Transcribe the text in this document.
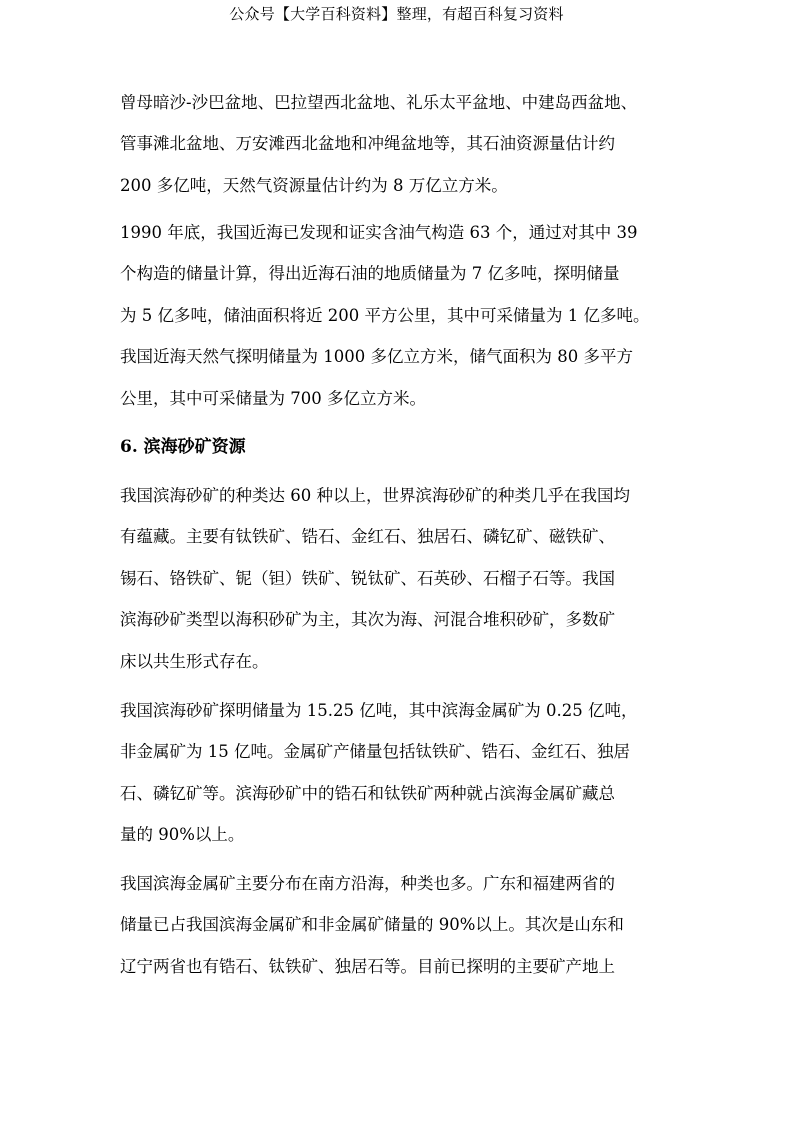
公众号【大学百科资料】整理，有超百科复习资料
曾母暗沙-沙巴盆地、巴拉望西北盆地、礼乐太平盆地、中建岛西盆地、
管事滩北盆地、万安滩西北盆地和冲绳盆地等，其石油资源量估计约
200 多亿吨，天然气资源量估计约为 8 万亿立方米。
1990 年底，我国近海已发现和证实含油气构造 63 个，通过对其中 39
个构造的储量计算，得出近海石油的地质储量为 7 亿多吨，探明储量
为 5 亿多吨，储油面积将近 200 平方公里，其中可采储量为 1 亿多吨。
我国近海天然气探明储量为 1000 多亿立方米，储气面积为 80 多平方
公里，其中可采储量为 700 多亿立方米。
6. 滨海砂矿资源
我国滨海砂矿的种类达 60 种以上，世界滨海砂矿的种类几乎在我国均
有蕴藏。主要有钛铁矿、锆石、金红石、独居石、磷钇矿、磁铁矿、
锡石、铬铁矿、铌（钽）铁矿、锐钛矿、石英砂、石榴子石等。我国
滨海砂矿类型以海积砂矿为主，其次为海、河混合堆积砂矿，多数矿
床以共生形式存在。
我国滨海砂矿探明储量为 15.25 亿吨，其中滨海金属矿为 0.25 亿吨，
非金属矿为 15 亿吨。金属矿产储量包括钛铁矿、锆石、金红石、独居
石、磷钇矿等。滨海砂矿中的锆石和钛铁矿两种就占滨海金属矿藏总
量的 90%以上。
我国滨海金属矿主要分布在南方沿海，种类也多。广东和福建两省的
储量已占我国滨海金属矿和非金属矿储量的 90%以上。其次是山东和
辽宁两省也有锆石、钛铁矿、独居石等。目前已探明的主要矿产地上
